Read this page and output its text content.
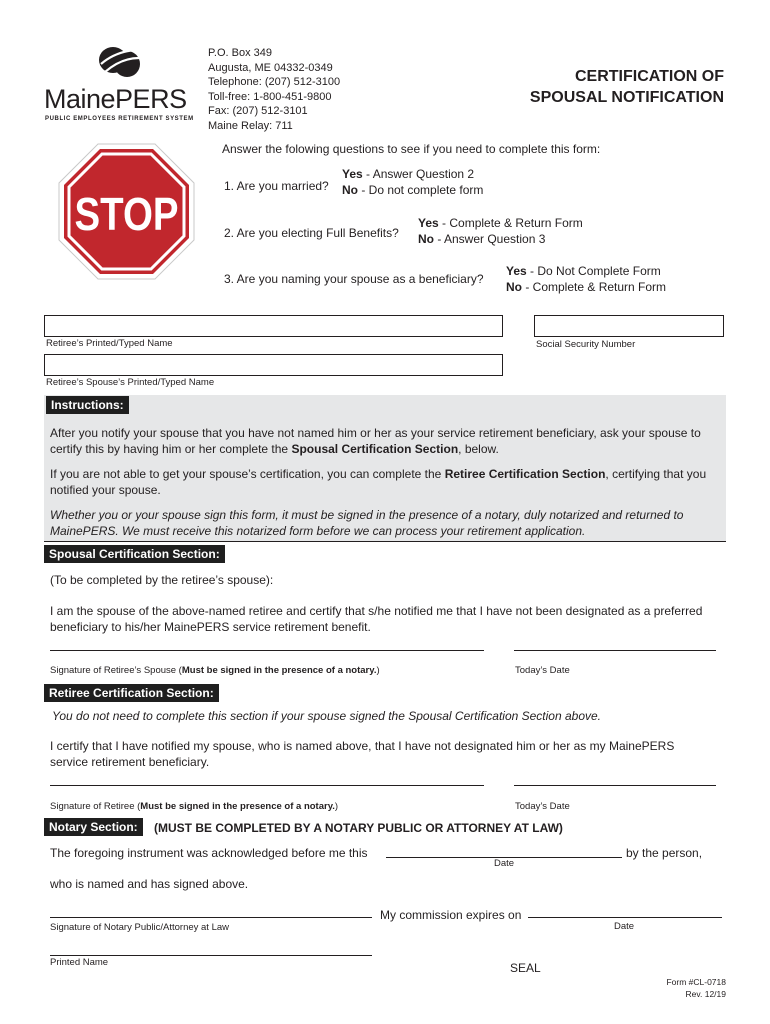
MainePERS
PUBLIC EMPLOYEES RETIREMENT SYSTEM
P.O. Box 349
Augusta, ME 04332-0349
Telephone: (207) 512-3100
Toll-free: 1-800-451-9800
Fax: (207) 512-3101
Maine Relay: 711
CERTIFICATION OF
SPOUSAL NOTIFICATION
STOP
Answer the folowing questions to see if you need to complete this form:
1. Are you married?
Yes - Answer Question 2
No - Do not complete form
2. Are you electing Full Benefits?
Yes - Complete & Return Form
No - Answer Question 3
3. Are you naming your spouse as a beneficiary?
Yes - Do Not Complete Form
No - Complete & Return Form
Retiree’s Printed/Typed Name	Social Security Number
Retiree’s Spouse’s Printed/Typed Name
Instructions:
After you notify your spouse that you have not named him or her as your service retirement beneficiary, ask your spouse to certify this by having him or her complete the Spousal Certification Section, below.
If you are not able to get your spouse’s certification, you can complete the Retiree Certification Section, certifying that you notified your spouse.
Whether you or your spouse sign this form, it must be signed in the presence of a notary, duly notarized and returned to MainePERS. We must receive this notarized form before we can process your retirement application.
Spousal Certification Section:
(To be completed by the retiree’s spouse):
I am the spouse of the above-named retiree and certify that s/he notified me that I have not been designated as a preferred beneficiary to his/her MainePERS service retirement benefit.
Signature of Retiree’s Spouse (Must be signed in the presence of a notary.)	Today’s Date
Retiree Certification Section:
You do not need to complete this section if your spouse signed the Spousal Certification Section above.
I certify that I have notified my spouse, who is named above, that I have not designated him or her as my MainePERS service retirement beneficiary.
Signature of Retiree (Must be signed in the presence of a notary.)	Today’s Date
Notary Section:	(MUST BE COMPLETED BY A NOTARY PUBLIC OR ATTORNEY AT LAW)
The foregoing instrument was acknowledged before me this	by the person,
Date
who is named and has signed above.
My commission expires on
Signature of Notary Public/Attorney at Law	Date
Printed Name	SEAL
Form #CL-0718
Rev. 12/19
